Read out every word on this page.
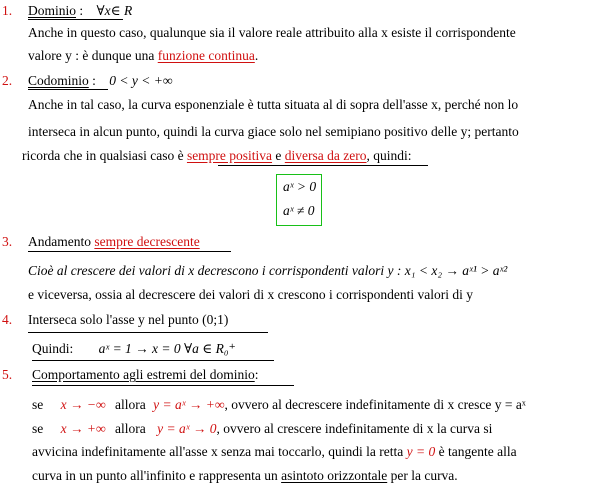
1. Dominio : ∀x∈ R
Anche in questo caso, qualunque sia il valore reale attribuito alla x esiste il corrispondente
valore y : è dunque una funzione continua.
2. Codominio : 0 < y < +∞
Anche in tal caso, la curva esponenziale è tutta situata al di sopra dell'asse x, perché non lo
interseca in alcun punto, quindi la curva giace solo nel semipiano positivo delle y; pertanto
ricorda che in qualsiasi caso è sempre positiva e diversa da zero, quindi:
aˣ > 0
aˣ ≠ 0
3. Andamento sempre decrescente
Cioè al crescere dei valori di x decrescono i corrispondenti valori y : x₁ < x₂ → aˣ¹ > aˣ²
e viceversa, ossia al decrescere dei valori di x crescono i corrispondenti valori di y
4. Interseca solo l'asse y nel punto (0;1)
Quindi: aˣ = 1 → x = 0 ∀a ∈ R₀⁺
5. Comportamento agli estremi del dominio:
se x → −∞ allora y = aˣ → +∞, ovvero al decrescere indefinitamente di x cresce y = aˣ
se x → +∞ allora y = aˣ → 0, ovvero al crescere indefinitamente di x la curva si
avvicina indefinitamente all'asse x senza mai toccarlo, quindi la retta y = 0 è tangente alla
curva in un punto all'infinito e rappresenta un asintoto orizzontale per la curva.
